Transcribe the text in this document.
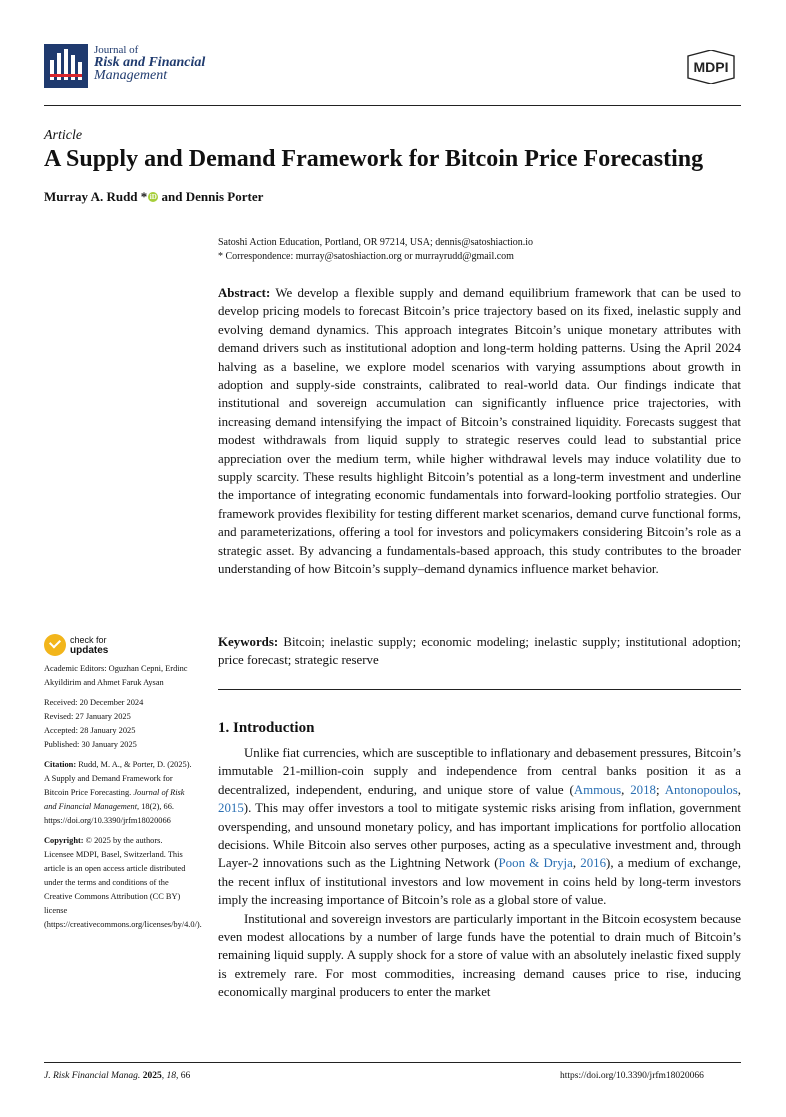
Journal of
Risk and Financial
Management
MDPI
Article
A Supply and Demand Framework for Bitcoin Price Forecasting
Murray A. Rudd * iD and Dennis Porter
Satoshi Action Education, Portland, OR 97214, USA; dennis@satoshiaction.io
* Correspondence: murray@satoshiaction.org or murrayrudd@gmail.com
Abstract: We develop a flexible supply and demand equilibrium framework that can be used to develop pricing models to forecast Bitcoin’s price trajectory based on its fixed, inelastic supply and evolving demand dynamics. This approach integrates Bitcoin’s unique monetary attributes with demand drivers such as institutional adoption and long-term holding patterns. Using the April 2024 halving as a baseline, we explore model scenarios with varying assumptions about growth in adoption and supply-side constraints, calibrated to real-world data. Our findings indicate that institutional and sovereign accumulation can significantly influence price trajectories, with increasing demand intensifying the impact of Bitcoin’s constrained liquidity. Forecasts suggest that modest withdrawals from liquid supply to strategic reserves could lead to substantial price appreciation over the medium term, while higher withdrawal levels may induce volatility due to supply scarcity. These results highlight Bitcoin’s potential as a long-term investment and underline the importance of integrating economic fundamentals into forward-looking portfolio strategies. Our framework provides flexibility for testing different market scenarios, demand curve functional forms, and parameterizations, offering a tool for investors and policymakers considering Bitcoin’s role as a strategic asset. By advancing a fundamentals-based approach, this study contributes to the broader understanding of how Bitcoin’s supply–demand dynamics influence market behavior.
Keywords: Bitcoin; inelastic supply; economic modeling; inelastic supply; institutional adoption; price forecast; strategic reserve
1. Introduction

Unlike fiat currencies, which are susceptible to inflationary and debasement pressures, Bitcoin’s immutable 21-million-coin supply and independence from central banks position it as a decentralized, independent, enduring, and unique store of value (Ammous, 2018; Antonopoulos, 2015). This may offer investors a tool to mitigate systemic risks arising from inflation, government overspending, and unsound monetary policy, and has important implications for portfolio allocation decisions. While Bitcoin also serves other purposes, acting as a speculative investment and, through Layer-2 innovations such as the Lightning Network (Poon & Dryja, 2016), a medium of exchange, the recent influx of institutional investors and low movement in coins held by long-term investors imply the increasing importance of Bitcoin’s role as a global store of value.

Institutional and sovereign investors are particularly important in the Bitcoin ecosystem because even modest allocations by a number of large funds have the potential to drain much of Bitcoin’s remaining liquid supply. A supply shock for a store of value with an absolutely inelastic fixed supply is extremely rare. For most commodities, increasing demand causes price to rise, inducing economically marginal producers to enter the market

check for
updates

Academic Editors: Oguzhan Cepni, Erdinc Akyildirim and Ahmet Faruk Aysan

Received: 20 December 2024

Revised: 27 January 2025

Accepted: 28 January 2025

Published: 30 January 2025

Citation: Rudd, M. A., & Porter, D. (2025). A Supply and Demand Framework for Bitcoin Price Forecasting. Journal of Risk and Financial Management, 18(2), 66. https://doi.org/10.3390/jrfm18020066

Copyright: © 2025 by the authors. Licensee MDPI, Basel, Switzerland. This article is an open access article distributed under the terms and conditions of the Creative Commons Attribution (CC BY) license (https://creativecommons.org/licenses/by/4.0/).

J. Risk Financial Manag. 2025, 18, 66	https://doi.org/10.3390/jrfm18020066
